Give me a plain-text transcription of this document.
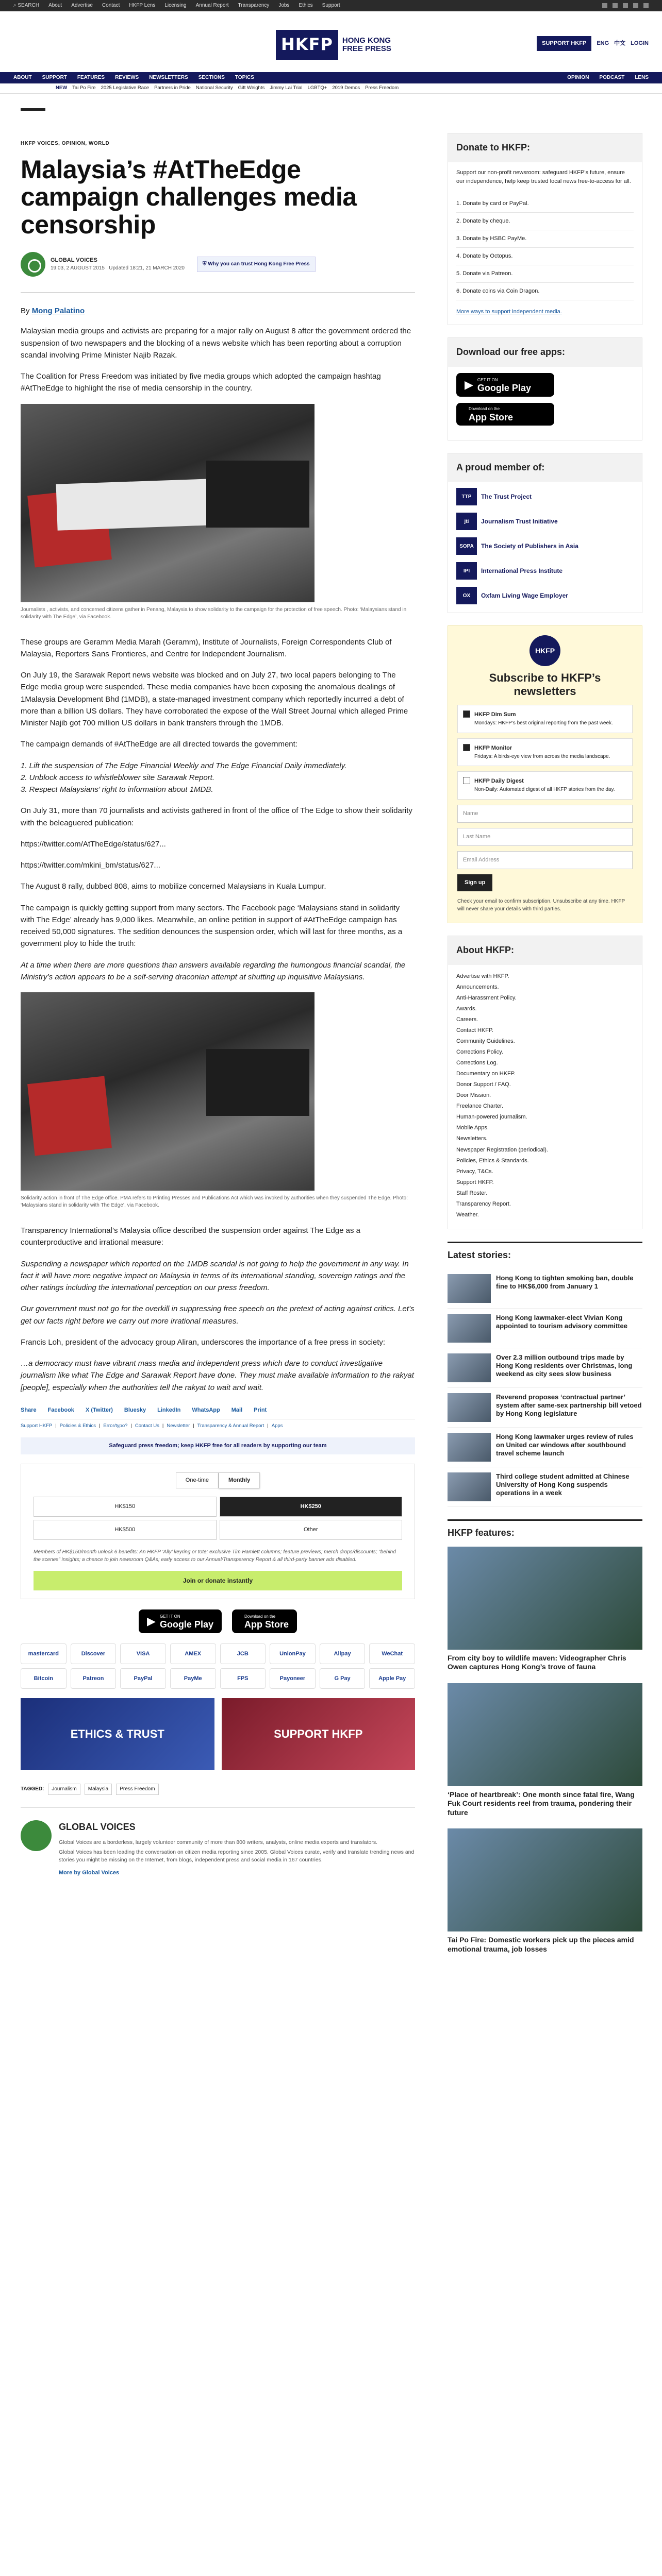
⌕ SEARCH About Advertise Contact HKFP Lens Licensing Annual Report Transparency Jobs Ethics Support
HKFP	HONG KONG
FREE PRESS
SUPPORT HKFP	ENG 中文 LOGIN
ABOUT SUPPORT FEATURES REVIEWS NEWSLETTERS SECTIONS TOPICS	OPINION PODCAST LENS
NEW Tai Po Fire 2025 Legislative Race Partners in Pride National Security Gift Weights Jimmy Lai Trial LGBTQ+ 2019 Demos Press Freedom
HKFP VOICES, OPINION, WORLD
Malaysia’s #AtTheEdge campaign challenges media censorship
GLOBAL VOICES
19:03, 2 AUGUST 2015 Updated 18:21, 21 MARCH 2020
⛨ Why you can trust Hong Kong Free Press
By Mong Palatino

Malaysian media groups and activists are preparing for a major rally on August 8 after the government ordered the suspension of two newspapers and the blocking of a news website which has been reporting about a corruption scandal involving Prime Minister Najib Razak.

The Coalition for Press Freedom was initiated by five media groups which adopted the campaign hashtag #AtTheEdge to highlight the rise of media censorship in the country.

Journalists , activists, and concerned citizens gather in Penang, Malaysia to show solidarity to the campaign for the protection of free speech. Photo: ‘Malaysians stand in solidarity with The Edge’, via Facebook.

These groups are Geramm Media Marah (Geramm), Institute of Journalists, Foreign Correspondents Club of Malaysia, Reporters Sans Frontieres, and Centre for Independent Journalism.

On July 19, the Sarawak Report news website was blocked and on July 27, two local papers belonging to The Edge media group were suspended. These media companies have been exposing the anomalous dealings of 1Malaysia Development Bhd (1MDB), a state-managed investment company which reportedly incurred a debt of more than a billion US dollars. They have corroborated the expose of the Wall Street Journal which alleged Prime Minister Najib got 700 million US dollars in bank transfers through the 1MDB.

The campaign demands of #AtTheEdge are all directed towards the government:

1. Lift the suspension of The Edge Financial Weekly and The Edge Financial Daily immediately.
2. Unblock access to whistleblower site Sarawak Report.
3. Respect Malaysians’ right to information about 1MDB.

On July 31, more than 70 journalists and activists gathered in front of the office of The Edge to show their solidarity with the beleaguered publication:

https://twitter.com/AtTheEdge/status/627...
https://twitter.com/mkini_bm/status/627...

The August 8 rally, dubbed 808, aims to mobilize concerned Malaysians in Kuala Lumpur.

The campaign is quickly getting support from many sectors. The Facebook page ‘Malaysians stand in solidarity with The Edge’ already has 9,000 likes. Meanwhile, an online petition in support of #AtTheEdge campaign has received 50,000 signatures. The sedition denounces the suspension order, which will last for three months, as a government ploy to hide the truth:

At a time when there are more questions than answers available regarding the humongous financial scandal, the Ministry’s action appears to be a self-serving draconian attempt at shutting up inquisitive Malaysians.

Solidarity action in front of The Edge office. PMA refers to Printing Presses and Publications Act which was invoked by authorities when they suspended The Edge. Photo: ‘Malaysians stand in solidarity with The Edge’, via Facebook.

Transparency International’s Malaysia office described the suspension order against The Edge as a counterproductive and irrational measure:

Suspending a newspaper which reported on the 1MDB scandal is not going to help the government in any way. In fact it will have more negative impact on Malaysia in terms of its international standing, sovereign ratings and the other ratings including the international perception on our press freedom.

Our government must not go for the overkill in suppressing free speech on the pretext of acting against critics. Let’s get our facts right before we carry out more irrational measures.

Francis Loh, president of the advocacy group Aliran, underscores the importance of a free press in society:

…a democracy must have vibrant mass media and independent press which dare to conduct investigative journalism like what The Edge and Sarawak Report have done. They must make available information to the rakyat [people], especially when the authorities tell the rakyat to wait and wait.

Share Facebook X (Twitter) Bluesky LinkedIn WhatsApp Mail Print
Support HKFP | Policies & Ethics | Error/typo? | Contact Us | Newsletter | Transparency & Annual Report | Apps
Safeguard press freedom; keep HKFP free for all readers by supporting our team
One-time	Monthly
HK$150	HK$250
HK$500	Other
Members of HK$150/month unlock 6 benefits: An HKFP ‘Ally’ keyring or tote; exclusive Tim Hamlett columns; feature previews; merch drops/discounts; “behind the scenes” insights; a chance to join newsroom Q&As; early access to our Annual/Transparency Report & all third-party banner ads disabled.
Join or donate instantly
▶ GET IT ON
Google Play
Download on the
App Store
mastercard	Discover	VISA	AMEX	JCB	UnionPay	Alipay	WeChat
Bitcoin	Patreon	PayPal	PayMe	FPS	Payoneer	G Pay	Apple Pay
ETHICS & TRUST	SUPPORT HKFP
TAGGED:	Journalism	Malaysia	Press Freedom
GLOBAL VOICES

Global Voices are a borderless, largely volunteer community of more than 800 writers, analysts, online media experts and translators.

Global Voices has been leading the conversation on citizen media reporting since 2005. Global Voices curate, verify and translate trending news and stories you might be missing on the Internet, from blogs, independent press and social media in 167 countries.

More by Global Voices
Donate to HKFP:
Support our non-profit newsroom: safeguard HKFP’s future, ensure our independence, help keep trusted local news free-to-access for all.
1. Donate by card or PayPal.
2. Donate by cheque.
3. Donate by HSBC PayMe.
4. Donate by Octopus.
5. Donate via Patreon.
6. Donate coins via Coin Dragon.
More ways to support independent media.
Download our free apps:
▶ GET IT ON
Google Play
Download on the
App Store
A proud member of:
TTP	The Trust Project
jti	Journalism Trust Initiative
SOPA	The Society of Publishers in Asia
IPI	International Press Institute
OX	Oxfam Living Wage Employer
HKFP
Subscribe to HKFP’s newsletters
HKFP Dim Sum
Mondays: HKFP’s best original reporting from the past week.
HKFP Monitor
Fridays: A birds-eye view from across the media landscape.
HKFP Daily Digest
Non-Daily: Automated digest of all HKFP stories from the day.
Name
Last Name
Email Address
Sign up
Check your email to confirm subscription. Unsubscribe at any time. HKFP will never share your details with third parties.
About HKFP:
Advertise with HKFP.
Announcements.
Anti-Harassment Policy.
Awards.
Careers.
Contact HKFP.
Community Guidelines.
Corrections Policy.
Corrections Log.
Documentary on HKFP.
Donor Support / FAQ.
Door Mission.
Freelance Charter.
Human-powered journalism.
Mobile Apps.
Newsletters.
Newspaper Registration (periodical).
Policies, Ethics & Standards.
Privacy, T&Cs.
Support HKFP.
Staff Roster.
Transparency Report.
Weather.
Latest stories:
Hong Kong to tighten smoking ban, double fine to HK$6,000 from January 1
Hong Kong lawmaker-elect Vivian Kong appointed to tourism advisory committee
Over 2.3 million outbound trips made by Hong Kong residents over Christmas, long weekend as city sees slow business
Reverend proposes ‘contractual partner’ system after same-sex partnership bill vetoed by Hong Kong legislature
Hong Kong lawmaker urges review of rules on United car windows after southbound travel scheme launch
Third college student admitted at Chinese University of Hong Kong suspends operations in a week
HKFP features:
From city boy to wildlife maven: Videographer Chris Owen captures Hong Kong’s trove of fauna
‘Place of heartbreak’: One month since fatal fire, Wang Fuk Court residents reel from trauma, pondering their future
Tai Po Fire: Domestic workers pick up the pieces amid emotional trauma, job losses
